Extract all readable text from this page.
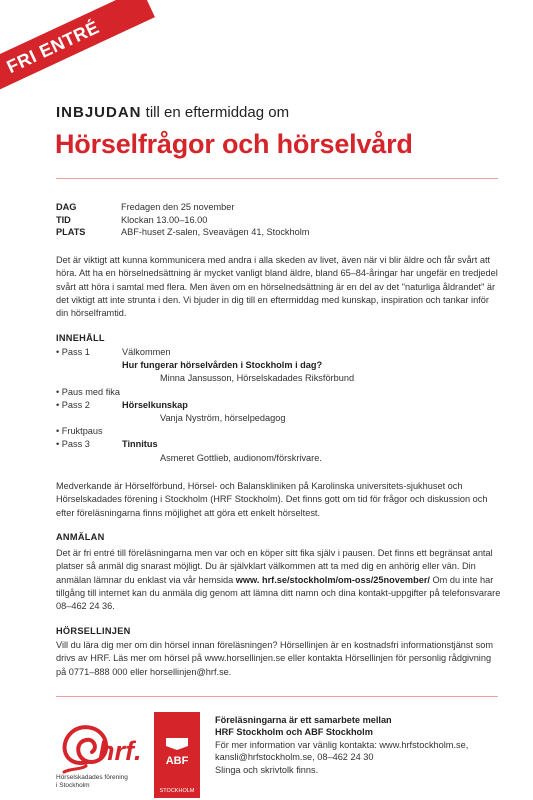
FRI ENTRÉ
INBJUDAN till en eftermiddag om
Hörselfrågor och hörselvård
DAG	Fredagen den 25 november
TID	Klockan 13.00–16.00
PLATS	ABF-huset Z-salen, Sveavägen 41, Stockholm
Det är viktigt att kunna kommunicera med andra i alla skeden av livet, även när vi blir äldre och får svårt att höra. Att ha en hörselnedsättning är mycket vanligt bland äldre, bland 65–84-åringar har ungefär en tredjedel svårt att höra i samtal med flera. Men även om en hörselnedsättning är en del av det "naturliga åldrandet" är det viktigt att inte strunta i den. Vi bjuder in dig till en eftermiddag med kunskap, inspiration och tankar inför din hörselframtid.
INNEHÅLL
• Pass 1	Välkommen
Hur fungerar hörselvården i Stockholm i dag?
Minna Jansusson, Hörselskadades Riksförbund
• Paus med fika
• Pass 2	Hörselkunskap
Vanja Nyström, hörselpedagog
• Fruktpaus
• Pass 3	Tinnitus
Asmeret Gottlieb, audionom/förskrivare.
Medverkande är Hörselförbund, Hörsel- och Balanskliniken på Karolinska universitets-sjukhuset och Hörselskadades förening i Stockholm (HRF Stockholm). Det finns gott om tid för frågor och diskussion och efter föreläsningarna finns möjlighet att göra ett enkelt hörseltest.
ANMÄLAN
Det är fri entré till föreläsningarna men var och en köper sitt fika själv i pausen. Det finns ett begränsat antal platser så anmäl dig snarast möjligt. Du är självklart välkommen att ta med dig en anhörig eller vän. Din anmälan lämnar du enklast via vår hemsida www. hrf.se/stockholm/om-oss/25november/ Om du inte har tillgång till internet kan du anmäla dig genom att lämna ditt namn och dina kontakt-uppgifter på telefonsvarare 08–462 24 36.
HÖRSELLINJEN
Vill du lära dig mer om din hörsel innan föreläsningen? Hörsellinjen är en kostnadsfri informationstjänst som drivs av HRF. Läs mer om hörsel på www.horsellinjen.se eller kontakta Hörsellinjen för personlig rådgivning på 0771–888 000 eller horsellinjen@hrf.se.
hrf.
Hörselskadades förening
i Stockholm
ABF
STOCKHOLM
Föreläsningarna är ett samarbete mellan
HRF Stockholm och ABF Stockholm
För mer information var vänlig kontakta: www.hrfstockholm.se,
kansli@hrfstockholm.se, 08–462 24 30
Slinga och skrivtolk finns.
